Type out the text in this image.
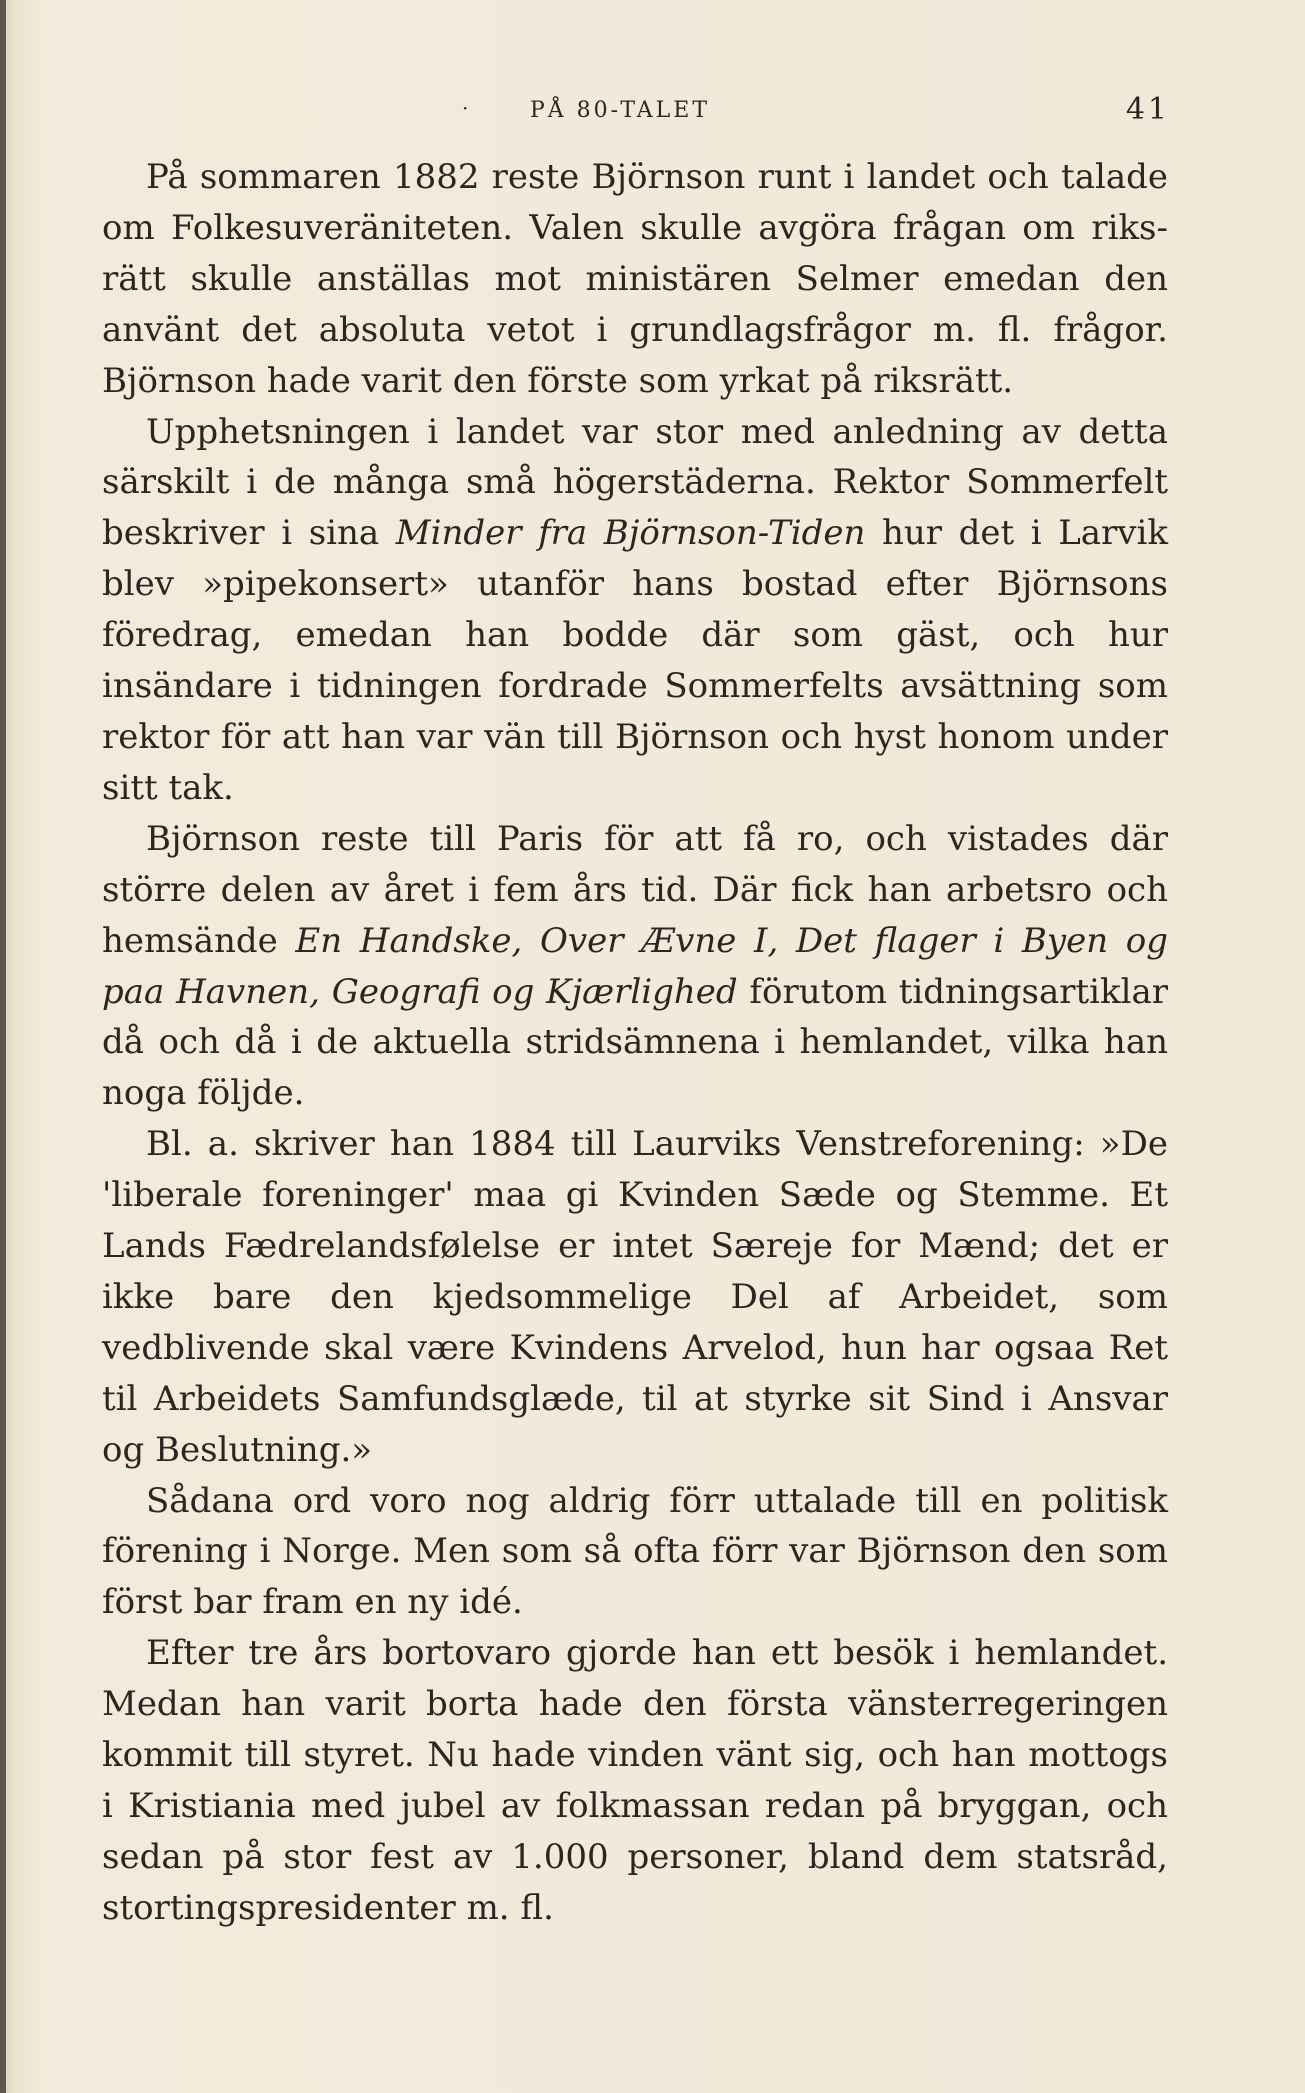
·	PÅ 80-TALET	41

På sommaren 1882 reste Björnson runt i landet och talade om Folkesuveräniteten. Valen skulle avgöra frågan om riksrätt skulle anställas mot ministären Selmer emedan den använt det absoluta vetot i grundlagsfrågor m. fl. frågor. Björnson hade varit den förste som yrkat på riksrätt.

Upphetsningen i landet var stor med anledning av detta särskilt i de många små högerstäderna. Rektor Sommerfelt beskriver i sina Minder fra Björnson-Tiden hur det i Larvik blev »pipekonsert» utanför hans bostad efter Björnsons föredrag, emedan han bodde där som gäst, och hur insändare i tidningen fordrade Sommerfelts avsättning som rektor för att han var vän till Björnson och hyst honom under sitt tak.

Björnson reste till Paris för att få ro, och vistades där större delen av året i fem års tid. Där fick han arbetsro och hemsände En Handske, Over Ævne I, Det flager i Byen og paa Havnen, Geografi og Kjærlighed förutom tidningsartiklar då och då i de aktuella stridsämnena i hemlandet, vilka han noga följde.

Bl. a. skriver han 1884 till Laurviks Venstreforening: »De 'liberale foreninger' maa gi Kvinden Sæde og Stemme. Et Lands Fædrelandsfølelse er intet Særeje for Mænd; det er ikke bare den kjedsommelige Del af Arbeidet, som vedblivende skal være Kvindens Arvelod, hun har ogsaa Ret til Arbeidets Samfundsglæde, til at styrke sit Sind i Ansvar og Beslutning.»

Sådana ord voro nog aldrig förr uttalade till en politisk förening i Norge. Men som så ofta förr var Björnson den som först bar fram en ny idé.

Efter tre års bortovaro gjorde han ett besök i hemlandet. Medan han varit borta hade den första vänsterregeringen kommit till styret. Nu hade vinden vänt sig, och han mottogs i Kristiania med jubel av folkmassan redan på bryggan, och sedan på stor fest av 1.000 personer, bland dem statsråd, stortingspresidenter m. fl.
